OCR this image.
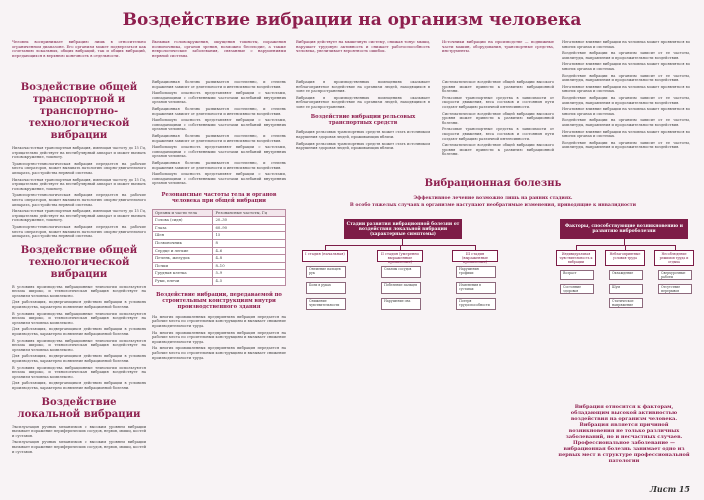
Воздействие вибрации на организм человека
Человек воспринимает вибрацию лишь в относительно ограниченном диапазоне. Его организм может подвергаться как сочетанию локальных, общих вибраций, так и общих вибраций, передающихся в верхнюю конечность в отдельности.
Вызывая головокружения, ощущения тошноты, поражения позвоночника, органов зрения, возможно бесплодие, а также неврологические заболевания, связанные с нарушениями нервной системы.
Вибрация действует на мышечную систему, снижая тонус мышц, нарушает трудовую активность и снижает работоспособность человека, увеличивает вероятность ошибок.
Источники вибрации на производстве — подвижные части машин, оборудования, транспортные средства, инструменты.
Воздействие общей транспортной и транспортно-технологической вибрации

Низкочастотная транспортная вибрация, имеющая частоту до 15 Гц, отрицательно действует на вестибулярный аппарат и может вызвать головокружение, тошноту.

Транспортно-технологическая вибрация передается на рабочие места операторов, может вызывать патологию опорно-двигательного аппарата, расстройства нервной системы.

Низкочастотная транспортная вибрация, имеющая частоту до 15 Гц, отрицательно действует на вестибулярный аппарат и может вызвать головокружение, тошноту.

Транспортно-технологическая вибрация передается на рабочие места операторов, может вызывать патологию опорно-двигательного аппарата, расстройства нервной системы.

Низкочастотная транспортная вибрация, имеющая частоту до 15 Гц, отрицательно действует на вестибулярный аппарат и может вызвать головокружение, тошноту.

Транспортно-технологическая вибрация передается на рабочие места операторов, может вызывать патологию опорно-двигательного аппарата, расстройства нервной системы.

Воздействие общей технологической вибрации

В условиях производства вибрационные технологии используются весьма широко, и технологическая вибрация воздействует на организм человека комплексно.

Для работающих, подвергающихся действию вибрации в условиях производства, характерно появление вибрационной болезни.

В условиях производства вибрационные технологии используются весьма широко, и технологическая вибрация воздействует на организм человека комплексно.

Для работающих, подвергающихся действию вибрации в условиях производства, характерно появление вибрационной болезни.

В условиях производства вибрационные технологии используются весьма широко, и технологическая вибрация воздействует на организм человека комплексно.

Для работающих, подвергающихся действию вибрации в условиях производства, характерно появление вибрационной болезни.

В условиях производства вибрационные технологии используются весьма широко, и технологическая вибрация воздействует на организм человека комплексно.

Для работающих, подвергающихся действию вибрации в условиях производства, характерно появление вибрационной болезни.

Воздействие локальной вибрации

Эксплуатация ручных механизмов с высоким уровнем вибрации вызывает поражение периферических сосудов, нервов, мышц, костей и суставов.

Эксплуатация ручных механизмов с высоким уровнем вибрации вызывает поражение периферических сосудов, нервов, мышц, костей и суставов.

Вибрационная болезнь развивается постепенно, и степень поражения зависит от длительности и интенсивности воздействия.

Наибольшую опасность представляют вибрации с частотами, совпадающими с собственными частотами колебаний внутренних органов человека.

Вибрационная болезнь развивается постепенно, и степень поражения зависит от длительности и интенсивности воздействия.

Наибольшую опасность представляют вибрации с частотами, совпадающими с собственными частотами колебаний внутренних органов человека.

Вибрационная болезнь развивается постепенно, и степень поражения зависит от длительности и интенсивности воздействия.

Наибольшую опасность представляют вибрации с частотами, совпадающими с собственными частотами колебаний внутренних органов человека.

Вибрационная болезнь развивается постепенно, и степень поражения зависит от длительности и интенсивности воздействия.

Наибольшую опасность представляют вибрации с частотами, совпадающими с собственными частотами колебаний внутренних органов человека.

Резонансные частоты тела и органов человека при общей вибрации
Органы и части тела	Резонансные частоты, Гц
Голова (сидя)	20–30
Глаза	60–90
Шея	15
Позвоночник	8
Сердце и легкие	4–6
Печень, желудок	4–8
Почки	8–10
Грудная клетка	5–9
Руки, плечи	4–5
Воздействие вибрации, передаваемой по строительным конструкциям внутри производственного здания

На многих промышленных предприятиях вибрация передается на рабочие места по строительным конструкциям и вызывает снижение производительности труда.

На многих промышленных предприятиях вибрация передается на рабочие места по строительным конструкциям и вызывает снижение производительности труда.

На многих промышленных предприятиях вибрация передается на рабочие места по строительным конструкциям и вызывает снижение производительности труда.

Вибрация в производственных помещениях оказывает неблагоприятное воздействие на организм людей, находящихся в зоне ее распространения.

Вибрация в производственных помещениях оказывает неблагоприятное воздействие на организм людей, находящихся в зоне ее распространения.

Воздействие вибрации рельсовых транспортных средств

Вибрация рельсовых транспортных средств может стать источником нарушения здоровья людей, проживающих вблизи.

Вибрация рельсовых транспортных средств может стать источником нарушения здоровья людей, проживающих вблизи.

Систематическое воздействие общей вибрации высокого уровня может привести к развитию вибрационной болезни.

Рельсовые транспортные средства в зависимости от скорости движения, веса составов и состояния пути создают вибрацию различной интенсивности.

Систематическое воздействие общей вибрации высокого уровня может привести к развитию вибрационной болезни.

Рельсовые транспортные средства в зависимости от скорости движения, веса составов и состояния пути создают вибрацию различной интенсивности.

Систематическое воздействие общей вибрации высокого уровня может привести к развитию вибрационной болезни.

Негативное влияние вибрации на человека может проявляться во многих органах и системах.

Воздействие вибрации на организм зависит от ее частоты, амплитуды, направления и продолжительности воздействия.

Негативное влияние вибрации на человека может проявляться во многих органах и системах.

Воздействие вибрации на организм зависит от ее частоты, амплитуды, направления и продолжительности воздействия.

Негативное влияние вибрации на человека может проявляться во многих органах и системах.

Воздействие вибрации на организм зависит от ее частоты, амплитуды, направления и продолжительности воздействия.

Негативное влияние вибрации на человека может проявляться во многих органах и системах.

Воздействие вибрации на организм зависит от ее частоты, амплитуды, направления и продолжительности воздействия.

Негативное влияние вибрации на человека может проявляться во многих органах и системах.

Воздействие вибрации на организм зависит от ее частоты, амплитуды, направления и продолжительности воздействия.

Вибрационная болезнь
Эффективное лечение возможно лишь на ранних стадиях.
В особо тяжелых случаях в организме наступают необратимые изменения, приводящие к инвалидности
Стадии развития вибрационной болезни от воздействия локальной вибрации (характерные симптомы)
I стадия (начальная)	II стадия (умеренно выраженные проявления)
III стадия (выраженные проявления)
Онемение пальцев рук
Боли в руках
Снижение чувствительности
Спазмы сосудов
Побеление пальцев
Нарушение сна
Нарушения трофики
Изменения в суставах
Потеря трудоспособности
Факторы, способствующие возникновению и развитию виброболезни
Индивидуальная чувствительность к вибрации
Неблагоприятные условия труда
Несоблюдение режимов труда и отдыха
Возраст
Состояние здоровья
Охлаждение
Шум
Статическое напряжение
Сверхурочные работы
Отсутствие перерывов
Вибрация относится к факторам, обладающим высокой активностью воздействия на организм человека. Вибрация является причиной возникновения не только различных заболеваний, но и несчастных случаев. Профессиональное заболевание — вибрационная болезнь занимает одно из первых мест в структуре профессиональной патологии
Лист 15
